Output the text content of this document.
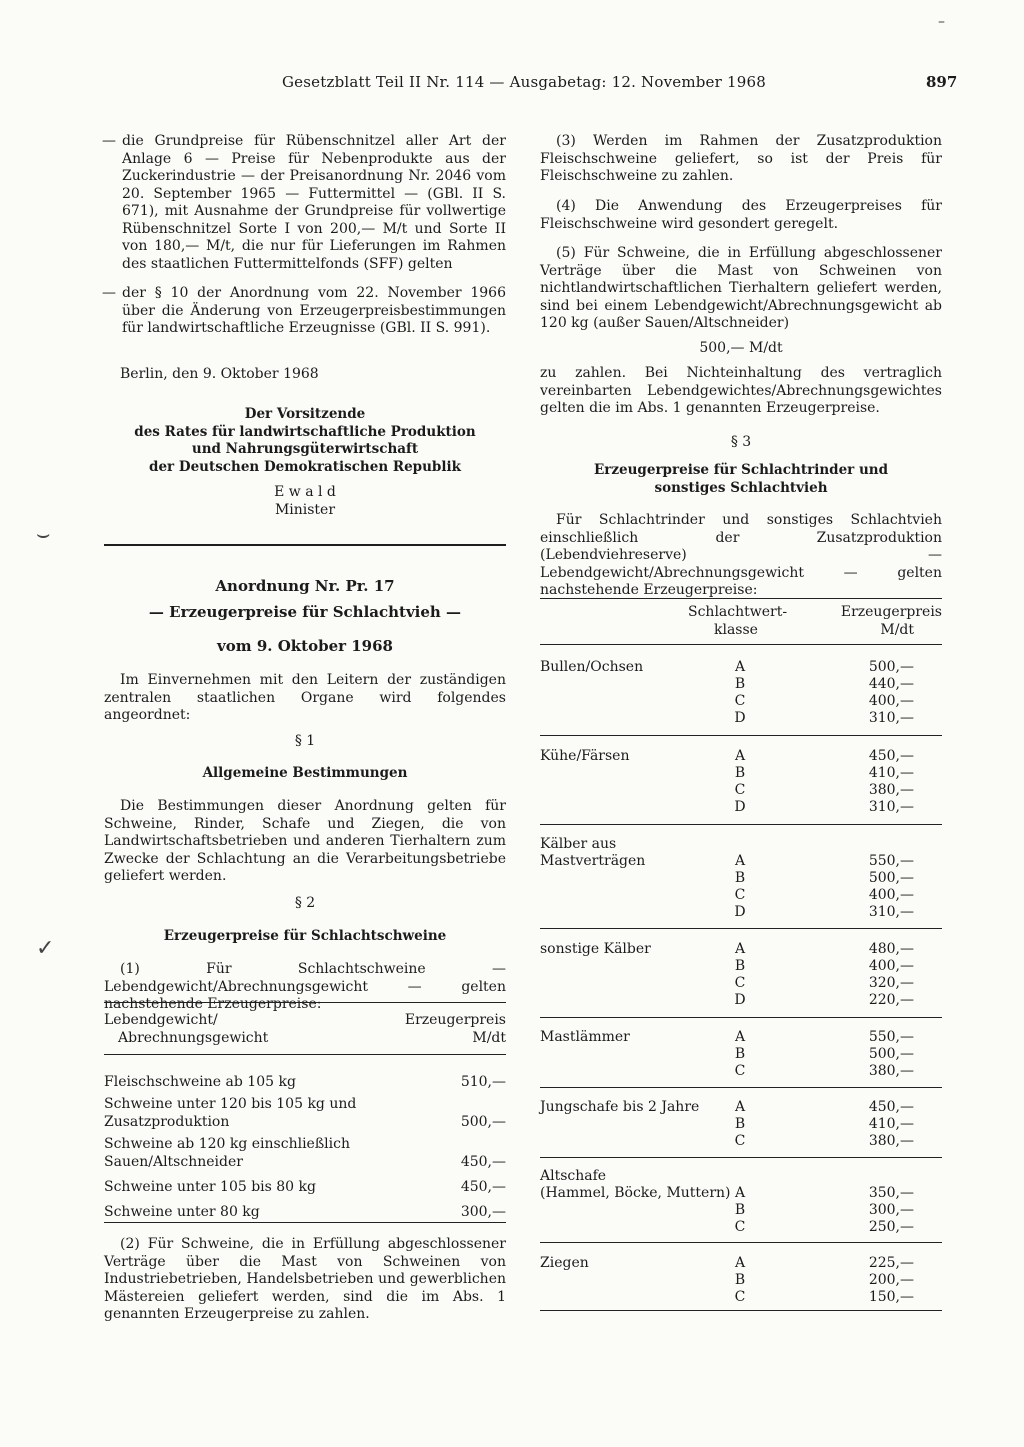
Gesetzblatt Teil II Nr. 114 — Ausgabetag: 12. November 1968	897
–
⌣
✓
— die Grundpreise für Rübenschnitzel aller Art der Anlage 6 — Preise für Nebenprodukte aus der Zuckerindustrie — der Preisanordnung Nr. 2046 vom 20. September 1965 — Futtermittel — (GBl. II S. 671), mit Ausnahme der Grundpreise für vollwertige Rübenschnitzel Sorte I von 200,— M/t und Sorte II von 180,— M/t, die nur für Lieferungen im Rahmen des staatlichen Futtermittelfonds (SFF) gelten
— der § 10 der Anordnung vom 22. November 1966 über die Änderung von Erzeugerpreisbestimmungen für landwirtschaftliche Erzeugnisse (GBl. II S. 991).
Berlin, den 9. Oktober 1968
Der Vorsitzende
des Rates für landwirtschaftliche Produktion
und Nahrungsgüterwirtschaft
der Deutschen Demokratischen Republik
E w a l d
Minister
Anordnung Nr. Pr. 17
— Erzeugerpreise für Schlachtvieh —
vom 9. Oktober 1968
Im Einvernehmen mit den Leitern der zuständigen zentralen staatlichen Organe wird folgendes angeordnet:
§ 1
Allgemeine Bestimmungen
Die Bestimmungen dieser Anordnung gelten für Schweine, Rinder, Schafe und Ziegen, die von Landwirtschaftsbetrieben und anderen Tierhaltern zum Zwecke der Schlachtung an die Verarbeitungsbetriebe geliefert werden.
§ 2
Erzeugerpreise für Schlachtschweine
(1) Für Schlachtschweine — Lebendgewicht/Abrechnungsgewicht — gelten nachstehende Erzeugerpreise:
Lebendgewicht/
Abrechnungsgewicht
Erzeugerpreis
M/dt
Fleischschweine ab 105 kg	510,—
Schweine unter 120 bis 105 kg und
Zusatzproduktion	500,—
Schweine ab 120 kg einschließlich
Sauen/Altschneider	450,—
Schweine unter 105 bis 80 kg	450,—
Schweine unter 80 kg	300,—
(2) Für Schweine, die in Erfüllung abgeschlossener Verträge über die Mast von Schweinen von Industriebetrieben, Handelsbetrieben und gewerblichen Mästereien geliefert werden, sind die im Abs. 1 genannten Erzeugerpreise zu zahlen.
(3) Werden im Rahmen der Zusatzproduktion Fleischschweine geliefert, so ist der Preis für Fleischschweine zu zahlen.
(4) Die Anwendung des Erzeugerpreises für Fleischschweine wird gesondert geregelt.
(5) Für Schweine, die in Erfüllung abgeschlossener Verträge über die Mast von Schweinen von nichtlandwirtschaftlichen Tierhaltern geliefert werden, sind bei einem Lebendgewicht/Abrechnungsgewicht ab 120 kg (außer Sauen/Altschneider)
500,— M/dt
zu zahlen. Bei Nichteinhaltung des vertraglich vereinbarten Lebendgewichtes/Abrechnungsgewichtes gelten die im Abs. 1 genannten Erzeugerpreise.
§ 3
Erzeugerpreise für Schlachtrinder und
sonstiges Schlachtvieh
Für Schlachtrinder und sonstiges Schlachtvieh einschließlich der Zusatzproduktion (Lebendviehreserve) — Lebendgewicht/Abrechnungsgewicht — gelten nachstehende Erzeugerpreise:
Schlachtwert-
klasse
Erzeugerpreis
M/dt
Bullen/Ochsen	A	500,—
B	440,—
C	400,—
D	310,—
Kühe/Färsen	A	450,—
B	410,—
C	380,—
D	310,—
Kälber aus
Mastverträgen	A	550,—
B	500,—
C	400,—
D	310,—
sonstige Kälber	A	480,—
B	400,—
C	320,—
D	220,—
Mastlämmer	A	550,—
B	500,—
C	380,—
Jungschafe bis 2 Jahre	A	450,—
B	410,—
C	380,—
Altschafe
(Hammel, Böcke, Muttern) A	350,—
B	300,—
C	250,—
Ziegen	A	225,—
B	200,—
C	150,—
